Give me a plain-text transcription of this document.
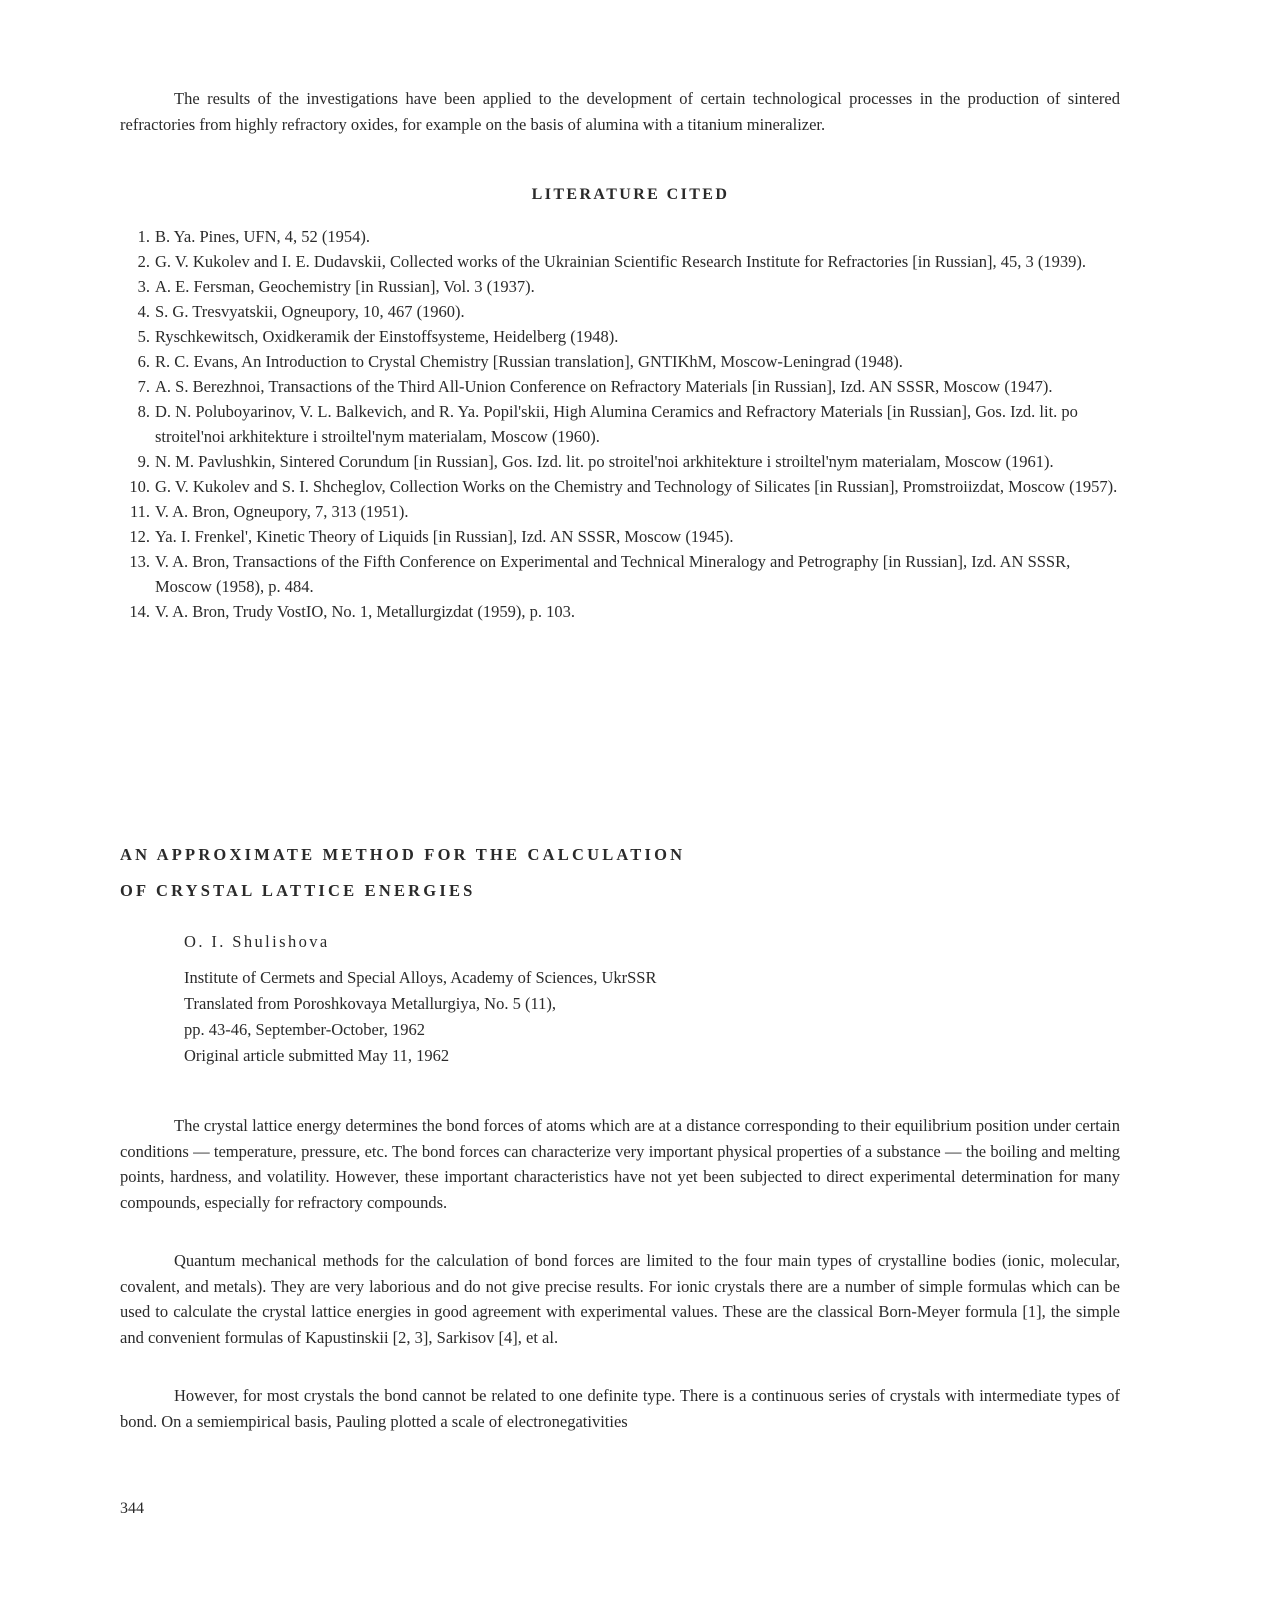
The results of the investigations have been applied to the development of certain technological processes in the production of sintered refractories from highly refractory oxides, for example on the basis of alumina with a titanium mineralizer.

LITERATURE CITED
1. B. Ya. Pines, UFN, 4, 52 (1954).
2. G. V. Kukolev and I. E. Dudavskii, Collected works of the Ukrainian Scientific Research Institute for Refractories [in Russian], 45, 3 (1939).
3. A. E. Fersman, Geochemistry [in Russian], Vol. 3 (1937).
4. S. G. Tresvyatskii, Ogneupory, 10, 467 (1960).
5. Ryschkewitsch, Oxidkeramik der Einstoffsysteme, Heidelberg (1948).
6. R. C. Evans, An Introduction to Crystal Chemistry [Russian translation], GNTIKhM, Moscow-Leningrad (1948).
7. A. S. Berezhnoi, Transactions of the Third All-Union Conference on Refractory Materials [in Russian], Izd. AN SSSR, Moscow (1947).
8. D. N. Poluboyarinov, V. L. Balkevich, and R. Ya. Popil'skii, High Alumina Ceramics and Refractory Materials [in Russian], Gos. Izd. lit. po stroitel'noi arkhitekture i stroiltel'nym materialam, Moscow (1960).
9. N. M. Pavlushkin, Sintered Corundum [in Russian], Gos. Izd. lit. po stroitel'noi arkhitekture i stroiltel'nym materialam, Moscow (1961).
10. G. V. Kukolev and S. I. Shcheglov, Collection Works on the Chemistry and Technology of Silicates [in Russian], Promstroiizdat, Moscow (1957).
11. V. A. Bron, Ogneupory, 7, 313 (1951).
12. Ya. I. Frenkel', Kinetic Theory of Liquids [in Russian], Izd. AN SSSR, Moscow (1945).
13. V. A. Bron, Transactions of the Fifth Conference on Experimental and Technical Mineralogy and Petrography [in Russian], Izd. AN SSSR, Moscow (1958), p. 484.
14. V. A. Bron, Trudy VostIO, No. 1, Metallurgizdat (1959), p. 103.
AN APPROXIMATE METHOD FOR THE CALCULATION
OF CRYSTAL LATTICE ENERGIES

O. I. Shulishova

Institute of Cermets and Special Alloys, Academy of Sciences, UkrSSR
Translated from Poroshkovaya Metallurgiya, No. 5 (11),
pp. 43-46, September-October, 1962
Original article submitted May 11, 1962

The crystal lattice energy determines the bond forces of atoms which are at a distance corresponding to their equilibrium position under certain conditions — temperature, pressure, etc. The bond forces can characterize very important physical properties of a substance — the boiling and melting points, hardness, and volatility. However, these important characteristics have not yet been subjected to direct experimental determination for many compounds, especially for refractory compounds.

Quantum mechanical methods for the calculation of bond forces are limited to the four main types of crystalline bodies (ionic, molecular, covalent, and metals). They are very laborious and do not give precise results. For ionic crystals there are a number of simple formulas which can be used to calculate the crystal lattice energies in good agreement with experimental values. These are the classical Born-Meyer formula [1], the simple and convenient formulas of Kapustinskii [2, 3], Sarkisov [4], et al.

However, for most crystals the bond cannot be related to one definite type. There is a continuous series of crystals with intermediate types of bond. On a semiempirical basis, Pauling plotted a scale of electronegativities

344
